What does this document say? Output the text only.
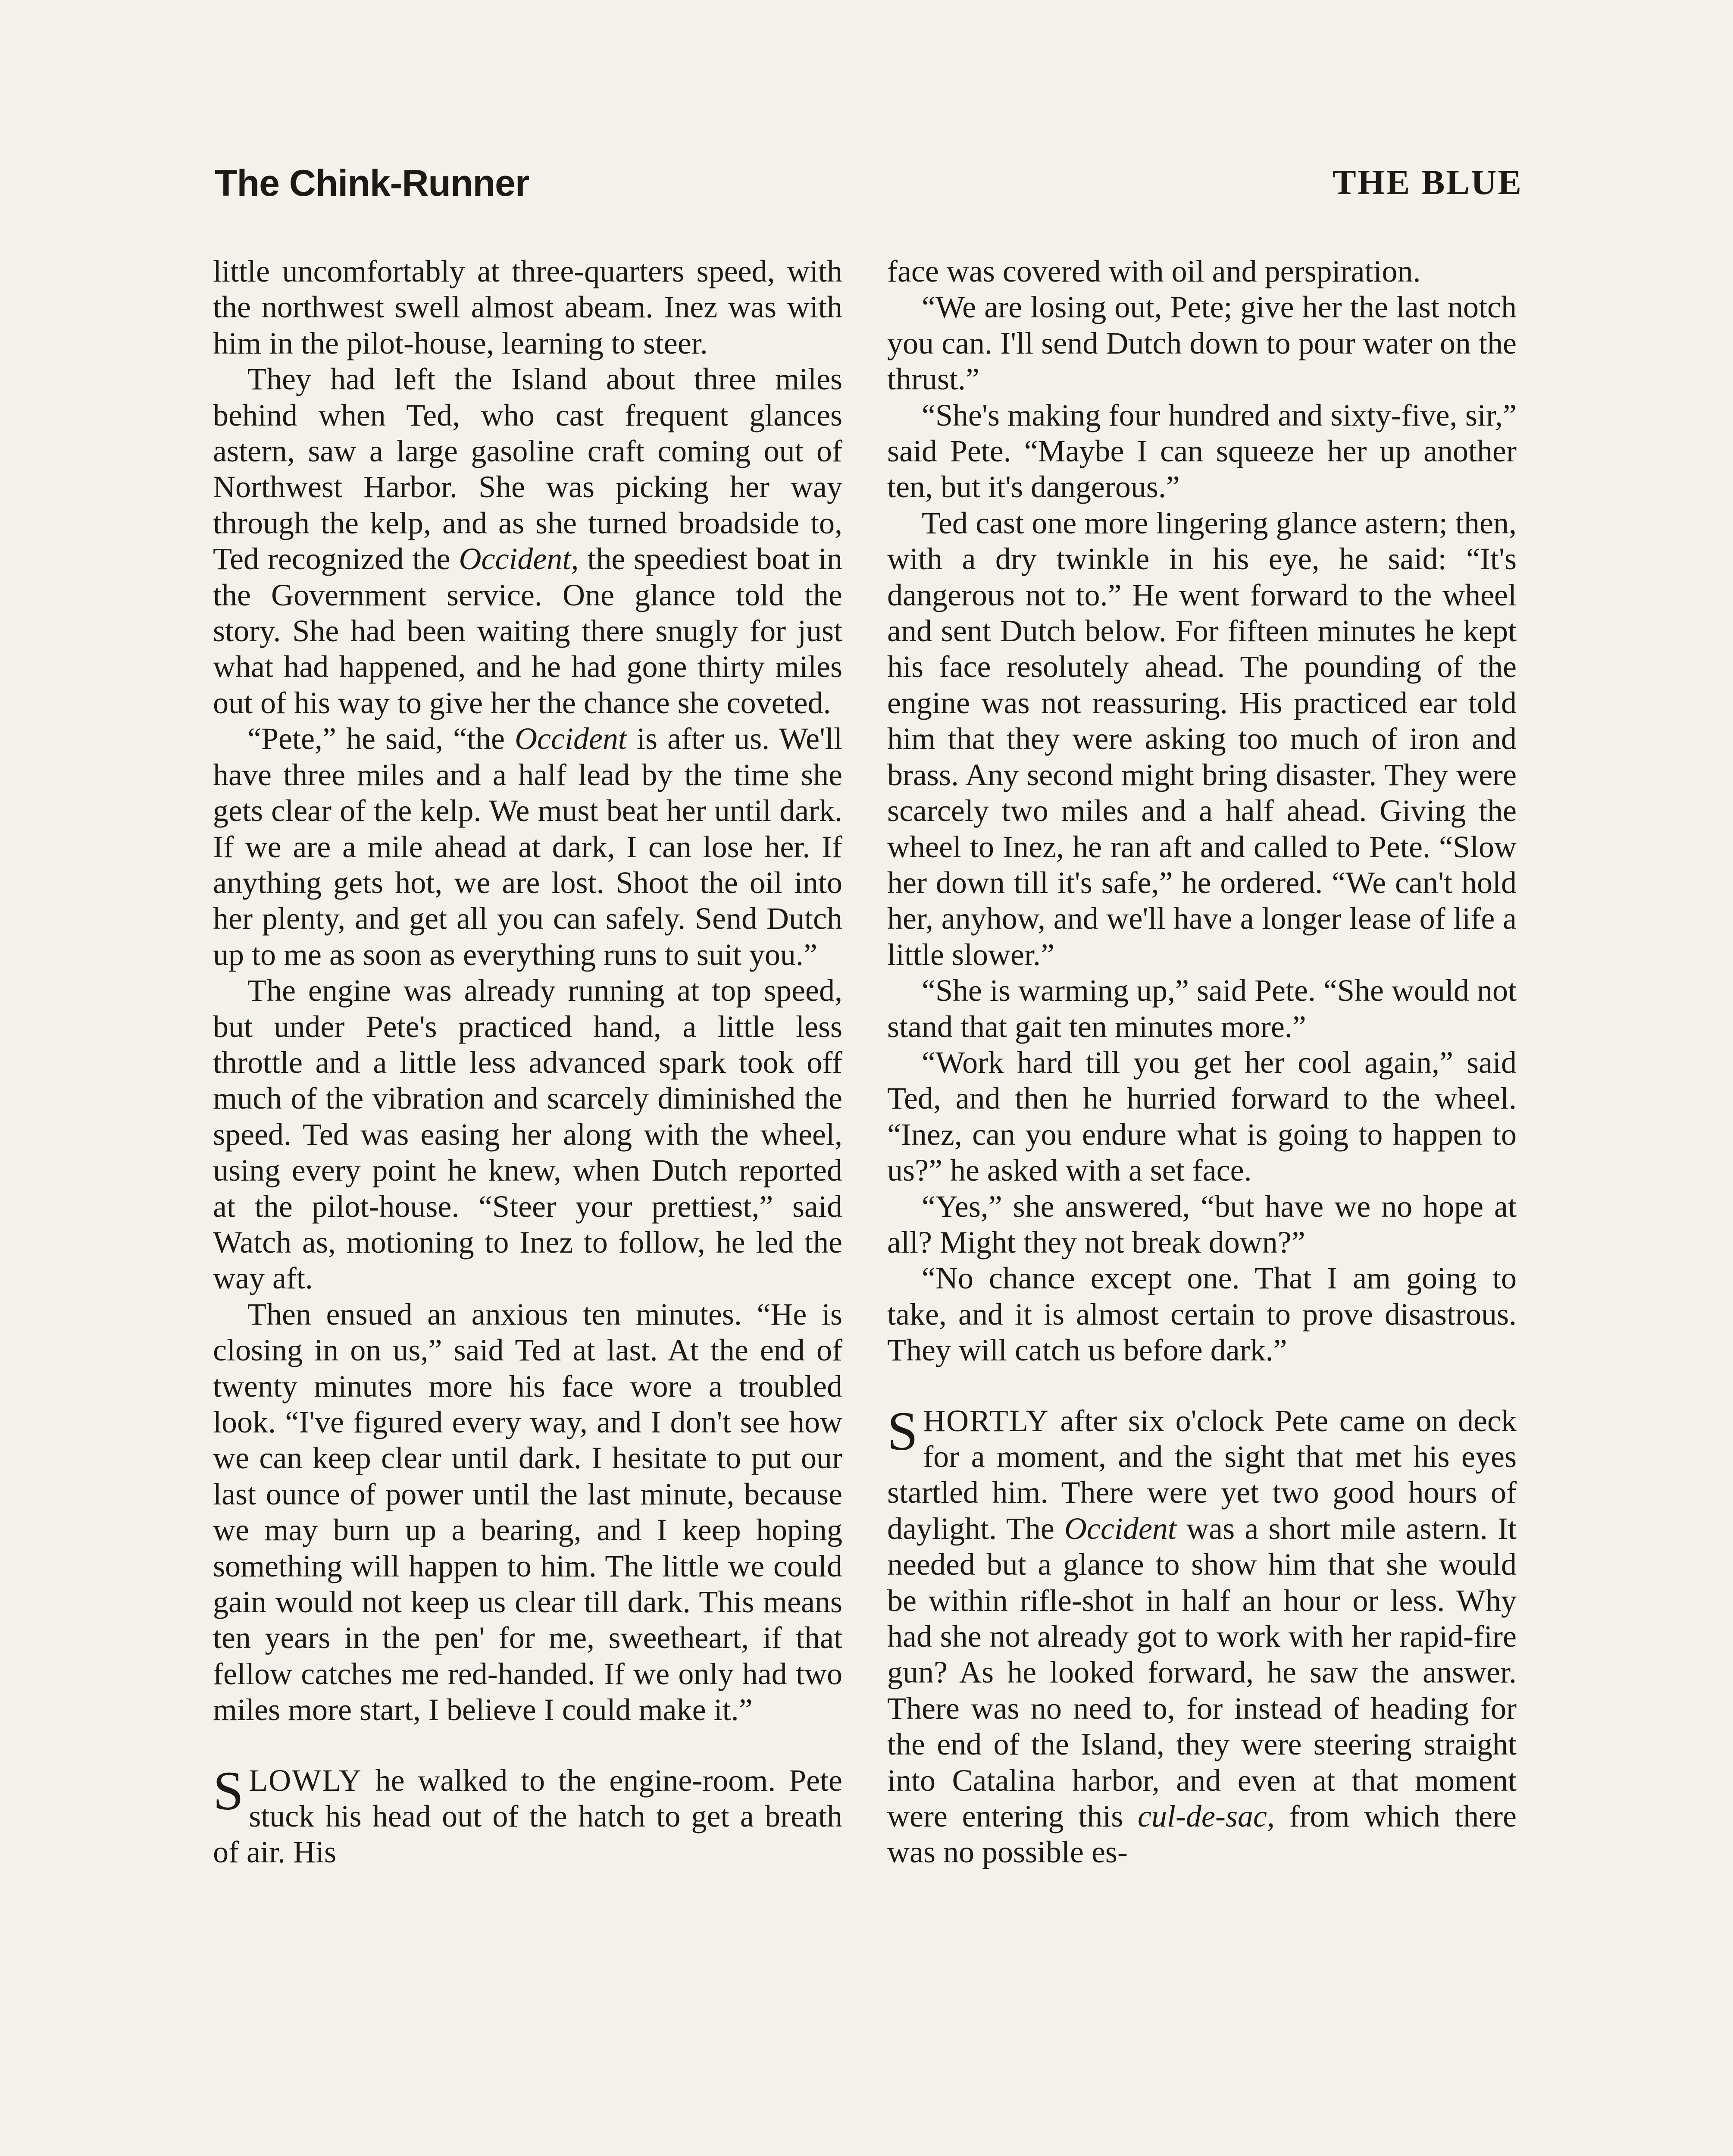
The Chink-Runner	THE BLUE

little uncomfortably at three-quarters speed, with the northwest swell almost abeam. Inez was with him in the pilot-house, learning to steer.

They had left the Island about three miles behind when Ted, who cast frequent glances astern, saw a large gasoline craft coming out of Northwest Harbor. She was picking her way through the kelp, and as she turned broadside to, Ted recognized the Occident, the speediest boat in the Government service. One glance told the story. She had been waiting there snugly for just what had happened, and he had gone thirty miles out of his way to give her the chance she coveted.

“Pete,” he said, “the Occident is after us. We'll have three miles and a half lead by the time she gets clear of the kelp. We must beat her until dark. If we are a mile ahead at dark, I can lose her. If anything gets hot, we are lost. Shoot the oil into her plenty, and get all you can safely. Send Dutch up to me as soon as everything runs to suit you.”

The engine was already running at top speed, but under Pete's practiced hand, a little less throttle and a little less advanced spark took off much of the vibration and scarcely diminished the speed. Ted was easing her along with the wheel, using every point he knew, when Dutch reported at the pilot-house. “Steer your prettiest,” said Watch as, motioning to Inez to follow, he led the way aft.

Then ensued an anxious ten minutes. “He is closing in on us,” said Ted at last. At the end of twenty minutes more his face wore a troubled look. “I've figured every way, and I don't see how we can keep clear until dark. I hesitate to put our last ounce of power until the last minute, because we may burn up a bearing, and I keep hoping something will happen to him. The little we could gain would not keep us clear till dark. This means ten years in the pen' for me, sweetheart, if that fellow catches me red-handed. If we only had two miles more start, I believe I could make it.”

SLOWLY he walked to the engine-room. Pete stuck his head out of the hatch to get a breath of air. His

face was covered with oil and perspiration.

“We are losing out, Pete; give her the last notch you can. I'll send Dutch down to pour water on the thrust.”

“She's making four hundred and sixty-five, sir,” said Pete. “Maybe I can squeeze her up another ten, but it's dangerous.”

Ted cast one more lingering glance astern; then, with a dry twinkle in his eye, he said: “It's dangerous not to.” He went forward to the wheel and sent Dutch below. For fifteen minutes he kept his face resolutely ahead. The pounding of the engine was not reassuring. His practiced ear told him that they were asking too much of iron and brass. Any second might bring disaster. They were scarcely two miles and a half ahead. Giving the wheel to Inez, he ran aft and called to Pete. “Slow her down till it's safe,” he ordered. “We can't hold her, anyhow, and we'll have a longer lease of life a little slower.”

“She is warming up,” said Pete. “She would not stand that gait ten minutes more.”

“Work hard till you get her cool again,” said Ted, and then he hurried forward to the wheel. “Inez, can you endure what is going to happen to us?” he asked with a set face.

“Yes,” she answered, “but have we no hope at all? Might they not break down?”

“No chance except one. That I am going to take, and it is almost certain to prove disastrous. They will catch us before dark.”

SHORTLY after six o'clock Pete came on deck for a moment, and the sight that met his eyes startled him. There were yet two good hours of daylight. The Occident was a short mile astern. It needed but a glance to show him that she would be within rifle-shot in half an hour or less. Why had she not already got to work with her rapid-fire gun? As he looked forward, he saw the answer. There was no need to, for instead of heading for the end of the Island, they were steering straight into Catalina harbor, and even at that moment were entering this cul-de-sac, from which there was no possible es-
